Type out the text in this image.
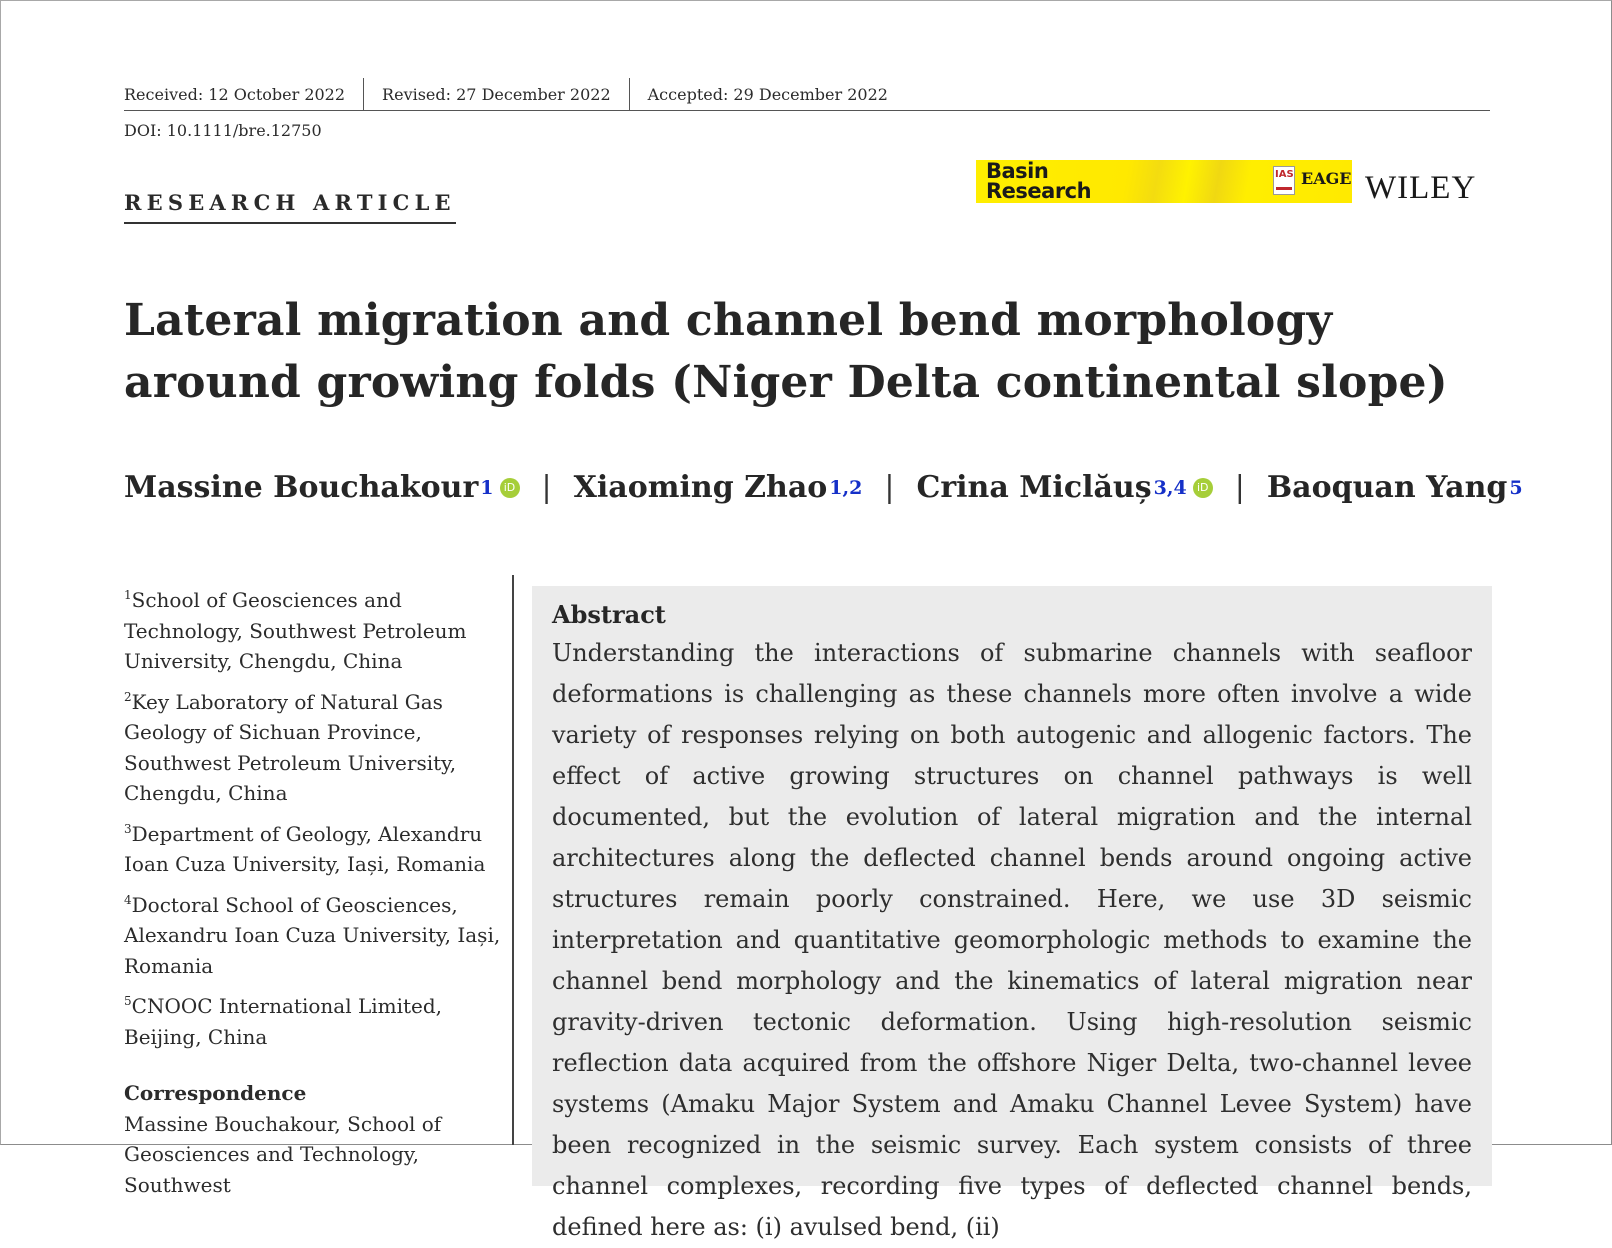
Received: 12 October 2022	Revised: 27 December 2022	Accepted: 29 December 2022
DOI: 10.1111/bre.12750
RESEARCH ARTICLE
Basin
Research
IAS EAGE WILEY
Lateral migration and channel bend morphology around growing folds (Niger Delta continental slope)
Massine Bouchakour 1 iD | Xiaoming Zhao 1,2 | Crina Miclăuș 3,4 iD | Baoquan Yang 5
$^1$School of Geosciences and Technology, Southwest Petroleum University, Chengdu, China
$^2$Key Laboratory of Natural Gas Geology of Sichuan Province, Southwest Petroleum University, Chengdu, China
$^3$Department of Geology, Alexandru Ioan Cuza University, Iași, Romania
$^4$Doctoral School of Geosciences, Alexandru Ioan Cuza University, Iași, Romania
$^5$CNOOC International Limited, Beijing, China
Correspondence
Massine Bouchakour, School of Geosciences and Technology, Southwest
Abstract

Understanding the interactions of submarine channels with seafloor deformations is challenging as these channels more often involve a wide variety of responses relying on both autogenic and allogenic factors. The effect of active growing structures on channel pathways is well documented, but the evolution of lateral migration and the internal architectures along the deflected channel bends around ongoing active structures remain poorly constrained. Here, we use 3D seismic interpretation and quantitative geomorphologic methods to examine the channel bend morphology and the kinematics of lateral migration near gravity-driven tectonic deformation. Using high-resolution seismic reflection data acquired from the offshore Niger Delta, two-channel levee systems (Amaku Major System and Amaku Channel Levee System) have been recognized in the seismic survey. Each system consists of three channel complexes, recording five types of deflected channel bends, defined here as: (i) avulsed bend, (ii)
